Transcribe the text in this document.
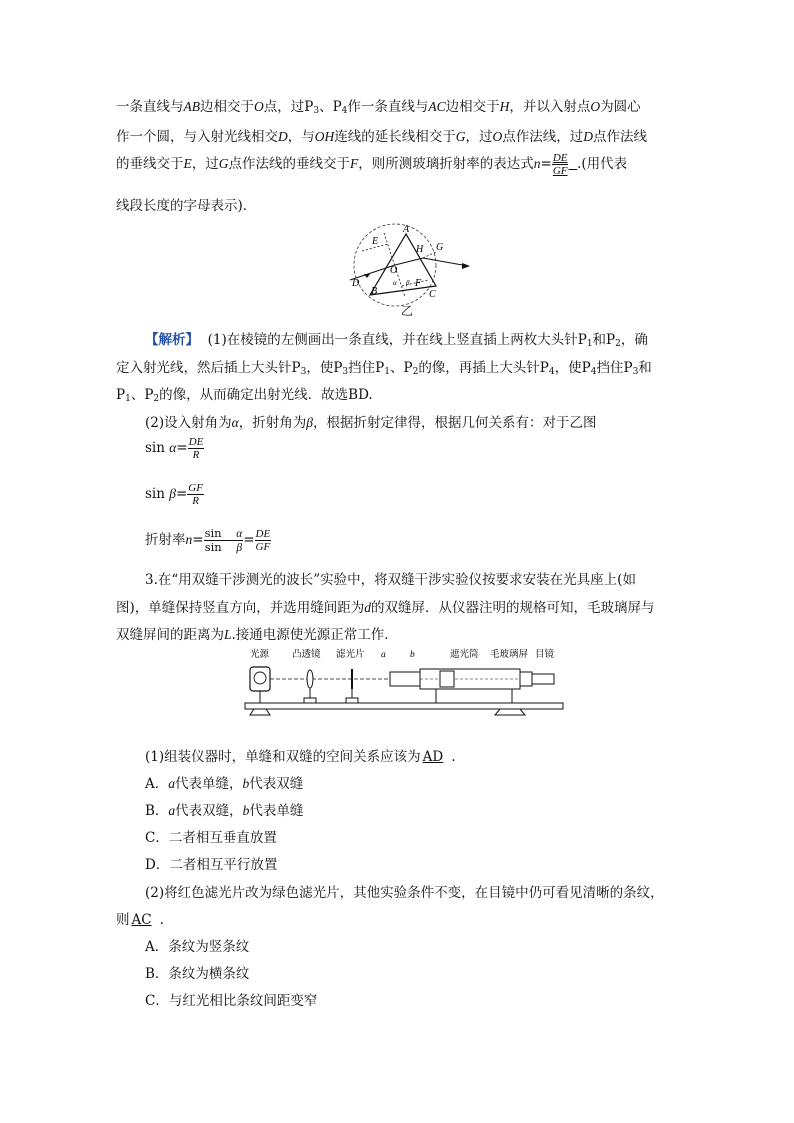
一条直线与AB边相交于O点，过$P_3$、$P_4$作一条直线与AC边相交于H，并以入射点O为圆心
作一个圆，与入射光线相交D，与OH连线的延长线相交于G，过O点作法线，过D点作法线
的垂线交于E，过G点作法线的垂线交于F，则所测玻璃折射率的表达式$n= \frac{DE}{GF}$ .(用代表
线段长度的字母表示)．
E
A
H G
O
D
B
F
C
α β
乙
【解析】 (1)在棱镜的左侧画出一条直线，并在线上竖直插上两枚大头针$P_1$和$P_2$，确
定入射光线，然后插上大头针$P_3$，使$P_3$挡住$P_1$、$P_2$的像，再插上大头针$P_4$，使$P_4$挡住$P_3$和
$P_1$、$P_2$的像，从而确定出射光线．故选BD.
(2)设入射角为α，折射角为β，根据折射定律得，根据几何关系有：对于乙图
$\sin \alpha= \frac{DE}{R}$
$\sin \beta= \frac{GF}{R}$
折射率$n= \frac{\text{sin α}}{\text{sin β}} = \frac{DE}{GF}$
3.在“用双缝干涉测光的波长”实验中，将双缝干涉实验仪按要求安装在光具座上(如
图)，单缝保持竖直方向，并选用缝间距为d的双缝屏．从仪器注明的规格可知，毛玻璃屏与
双缝屏间的距离为L.接通电源使光源正常工作．
光源 凸透镜 滤光片 a	b	遮光筒 毛玻璃屏 目镜
(1)组装仪器时，单缝和双缝的空间关系应该为 AD .
A．a代表单缝，b代表双缝
B．a代表双缝，b代表单缝
C．二者相互垂直放置
D．二者相互平行放置
(2)将红色滤光片改为绿色滤光片，其他实验条件不变，在目镜中仍可看见清晰的条纹，
则 AC .
A．条纹为竖条纹
B．条纹为横条纹
C．与红光相比条纹间距变窄
